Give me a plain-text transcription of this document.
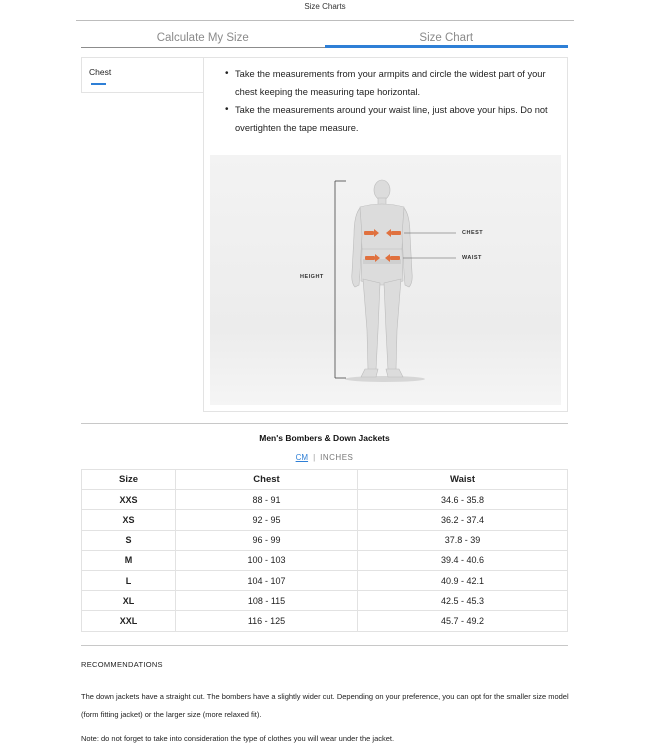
Size Charts
Calculate My Size	Size Chart
Chest	• Take the measurements from your armpits and circle the widest part of your chest keeping the measuring tape horizontal.
• Take the measurements around your waist line, just above your hips. Do not overtighten the tape measure.
HEIGHT
CHEST
WAIST
Men's Bombers & Down Jackets
CM | INCHES
Size	Chest	Waist
XXS	88 - 91	34.6 - 35.8
XS	92 - 95	36.2 - 37.4
S	96 - 99	37.8 - 39
M	100 - 103	39.4 - 40.6
L	104 - 107	40.9 - 42.1
XL	108 - 115	42.5 - 45.3
XXL	116 - 125	45.7 - 49.2
RECOMMENDATIONS
The down jackets have a straight cut. The bombers have a slightly wider cut. Depending on your preference, you can opt for the smaller size model (form fitting jacket) or the larger size (more relaxed fit).
Note: do not forget to take into consideration the type of clothes you will wear under the jacket.
